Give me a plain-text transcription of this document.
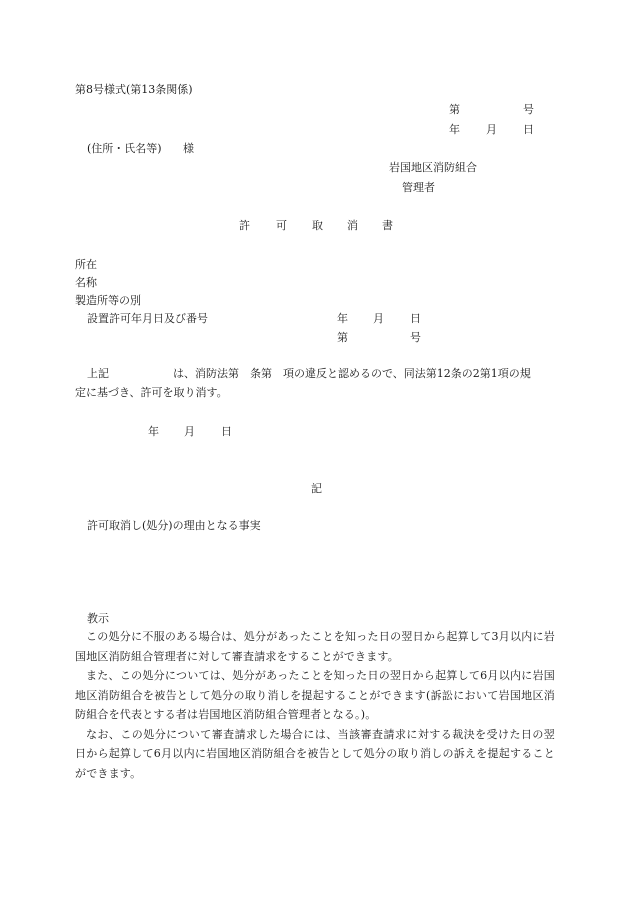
第8号様式(第13条関係)
第	号
年 月 日
(住所・氏名等) 様
岩国地区消防組合
管理者
許 可 取 消 書
所在
名称
製造所等の別
設置許可年月日及び番号	年 月 日
第	号
上記	は、消防法第　条第　項の違反と認めるので、同法第12条の2第1項の規
定に基づき、許可を取り消す。
年 月 日
記
許可取消し(処分)の理由となる事実
教示

この処分に不服のある場合は、処分があったことを知った日の翌日から起算して3月以内に岩国地区消防組合管理者に対して審査請求をすることができます。

また、この処分については、処分があったことを知った日の翌日から起算して6月以内に岩国地区消防組合を被告として処分の取り消しを提起することができます(訴訟において岩国地区消防組合を代表とする者は岩国地区消防組合管理者となる。)。

なお、この処分について審査請求した場合には、当該審査請求に対する裁決を受けた日の翌日から起算して6月以内に岩国地区消防組合を被告として処分の取り消しの訴えを提起することができます。
